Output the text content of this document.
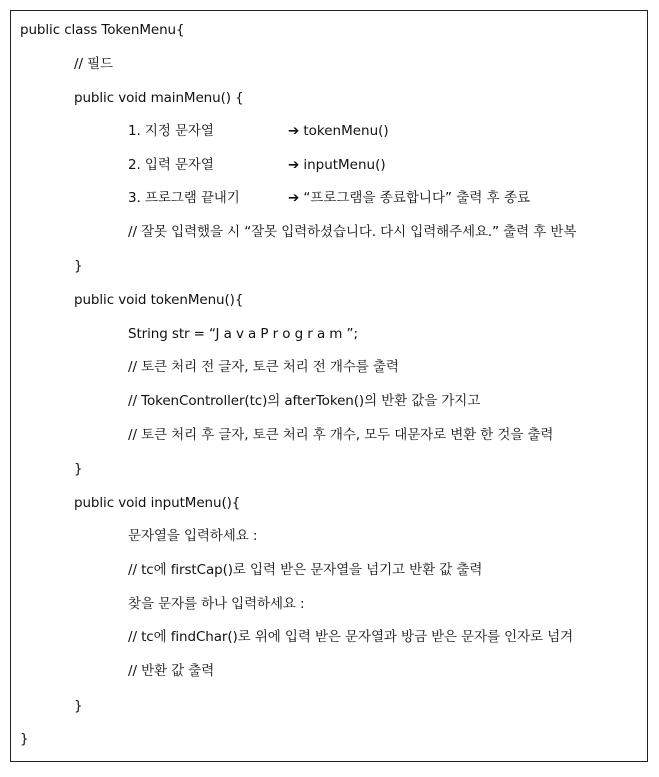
public class TokenMenu{
// 필드
public void mainMenu() {
1. 지정 문자열	➔ tokenMenu()
2. 입력 문자열	➔ inputMenu()
3. 프로그램 끝내기	➔ “프로그램을 종료합니다” 출력 후 종료
// 잘못 입력했을 시 “잘못 입력하셨습니다. 다시 입력해주세요.” 출력 후 반복
}
public void tokenMenu(){
String str = “J a v a P r o g r a m ”;
// 토큰 처리 전 글자, 토큰 처리 전 개수를 출력
// TokenController(tc)의 afterToken()의 반환 값을 가지고
// 토큰 처리 후 글자, 토큰 처리 후 개수, 모두 대문자로 변환 한 것을 출력
}
public void inputMenu(){
문자열을 입력하세요 :
// tc에 firstCap()로 입력 받은 문자열을 넘기고 반환 값 출력
찾을 문자를 하나 입력하세요 :
// tc에 findChar()로 위에 입력 받은 문자열과 방금 받은 문자를 인자로 넘겨
// 반환 값 출력
}
}
